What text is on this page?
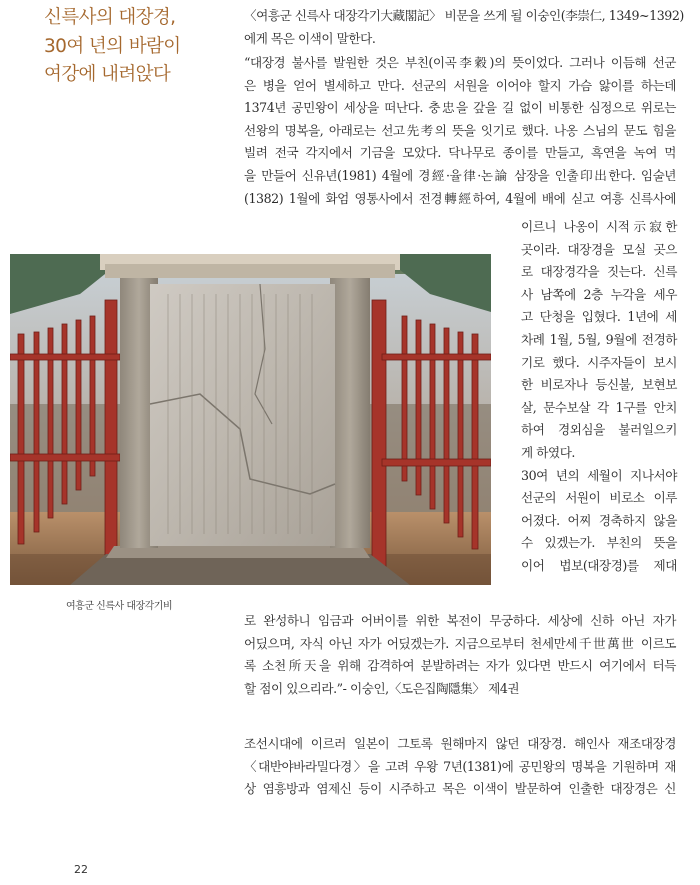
신륵사의 대장경,
30여 년의 바람이
여강에 내려앉다
〈여흥군 신륵사 대장각기大藏閣記〉 비문을 쓰게 될 이숭인(李崇仁, 1349~1392)
에게 목은 이색이 말한다.
“대장경 불사를 발원한 것은 부친(이곡李穀)의 뜻이었다. 그러나 이듬해 선군
은 병을 얻어 별세하고 만다. 선군의 서원을 이어야 할지 가슴 앓이를 하는데
1374년 공민왕이 세상을 떠난다. 충忠을 갚을 길 없이 비통한 심정으로 위로는
선왕의 명복을, 아래로는 선고先考의 뜻을 잇기로 했다. 나옹 스님의 문도 힘을
빌려 전국 각지에서 기금을 모았다. 닥나무로 종이를 만들고, 흑연을 녹여 먹
을 만들어 신유년(1981) 4월에 경經·율律·논論 삼장을 인출印出한다. 임술년
(1382) 1월에 화엄 영통사에서 전경轉經하여, 4월에 배에 싣고 여흥 신륵사에
이르니 나옹이 시적示寂한
곳이라. 대장경을 모실 곳으
로 대장경각을 짓는다. 신륵
사 남쪽에 2층 누각을 세우
고 단청을 입혔다. 1년에 세
차례 1월, 5월, 9월에 전경하
기로 했다. 시주자들이 보시
한 비로자나 등신불, 보현보
살, 문수보살 각 1구를 안치
하여 경외심을 불러일으키
게 하였다.
30여 년의 세월이 지나서야
선군의 서원이 비로소 이루
어졌다. 어찌 경축하지 않을
수 있겠는가. 부친의 뜻을
이어 법보(대장경)를 제대
여흥군 신륵사 대장각기비
로 완성하니 임금과 어버이를 위한 복전이 무궁하다. 세상에 신하 아닌 자가
어딨으며, 자식 아닌 자가 어딨겠는가. 지금으로부터 천세만세千世萬世 이르도
록 소천所天을 위해 감격하여 분발하려는 자가 있다면 반드시 여기에서 터득
할 점이 있으리라.”- 이숭인,〈도은집陶隱集〉 제4권
조선시대에 이르러 일본이 그토록 원해마지 않던 대장경. 해인사 재조대장경
〈대반야바라밀다경〉을 고려 우왕 7년(1381)에 공민왕의 명복을 기원하며 재
상 염흥방과 염제신 등이 시주하고 목은 이색이 발문하여 인출한 대장경은 신
22
